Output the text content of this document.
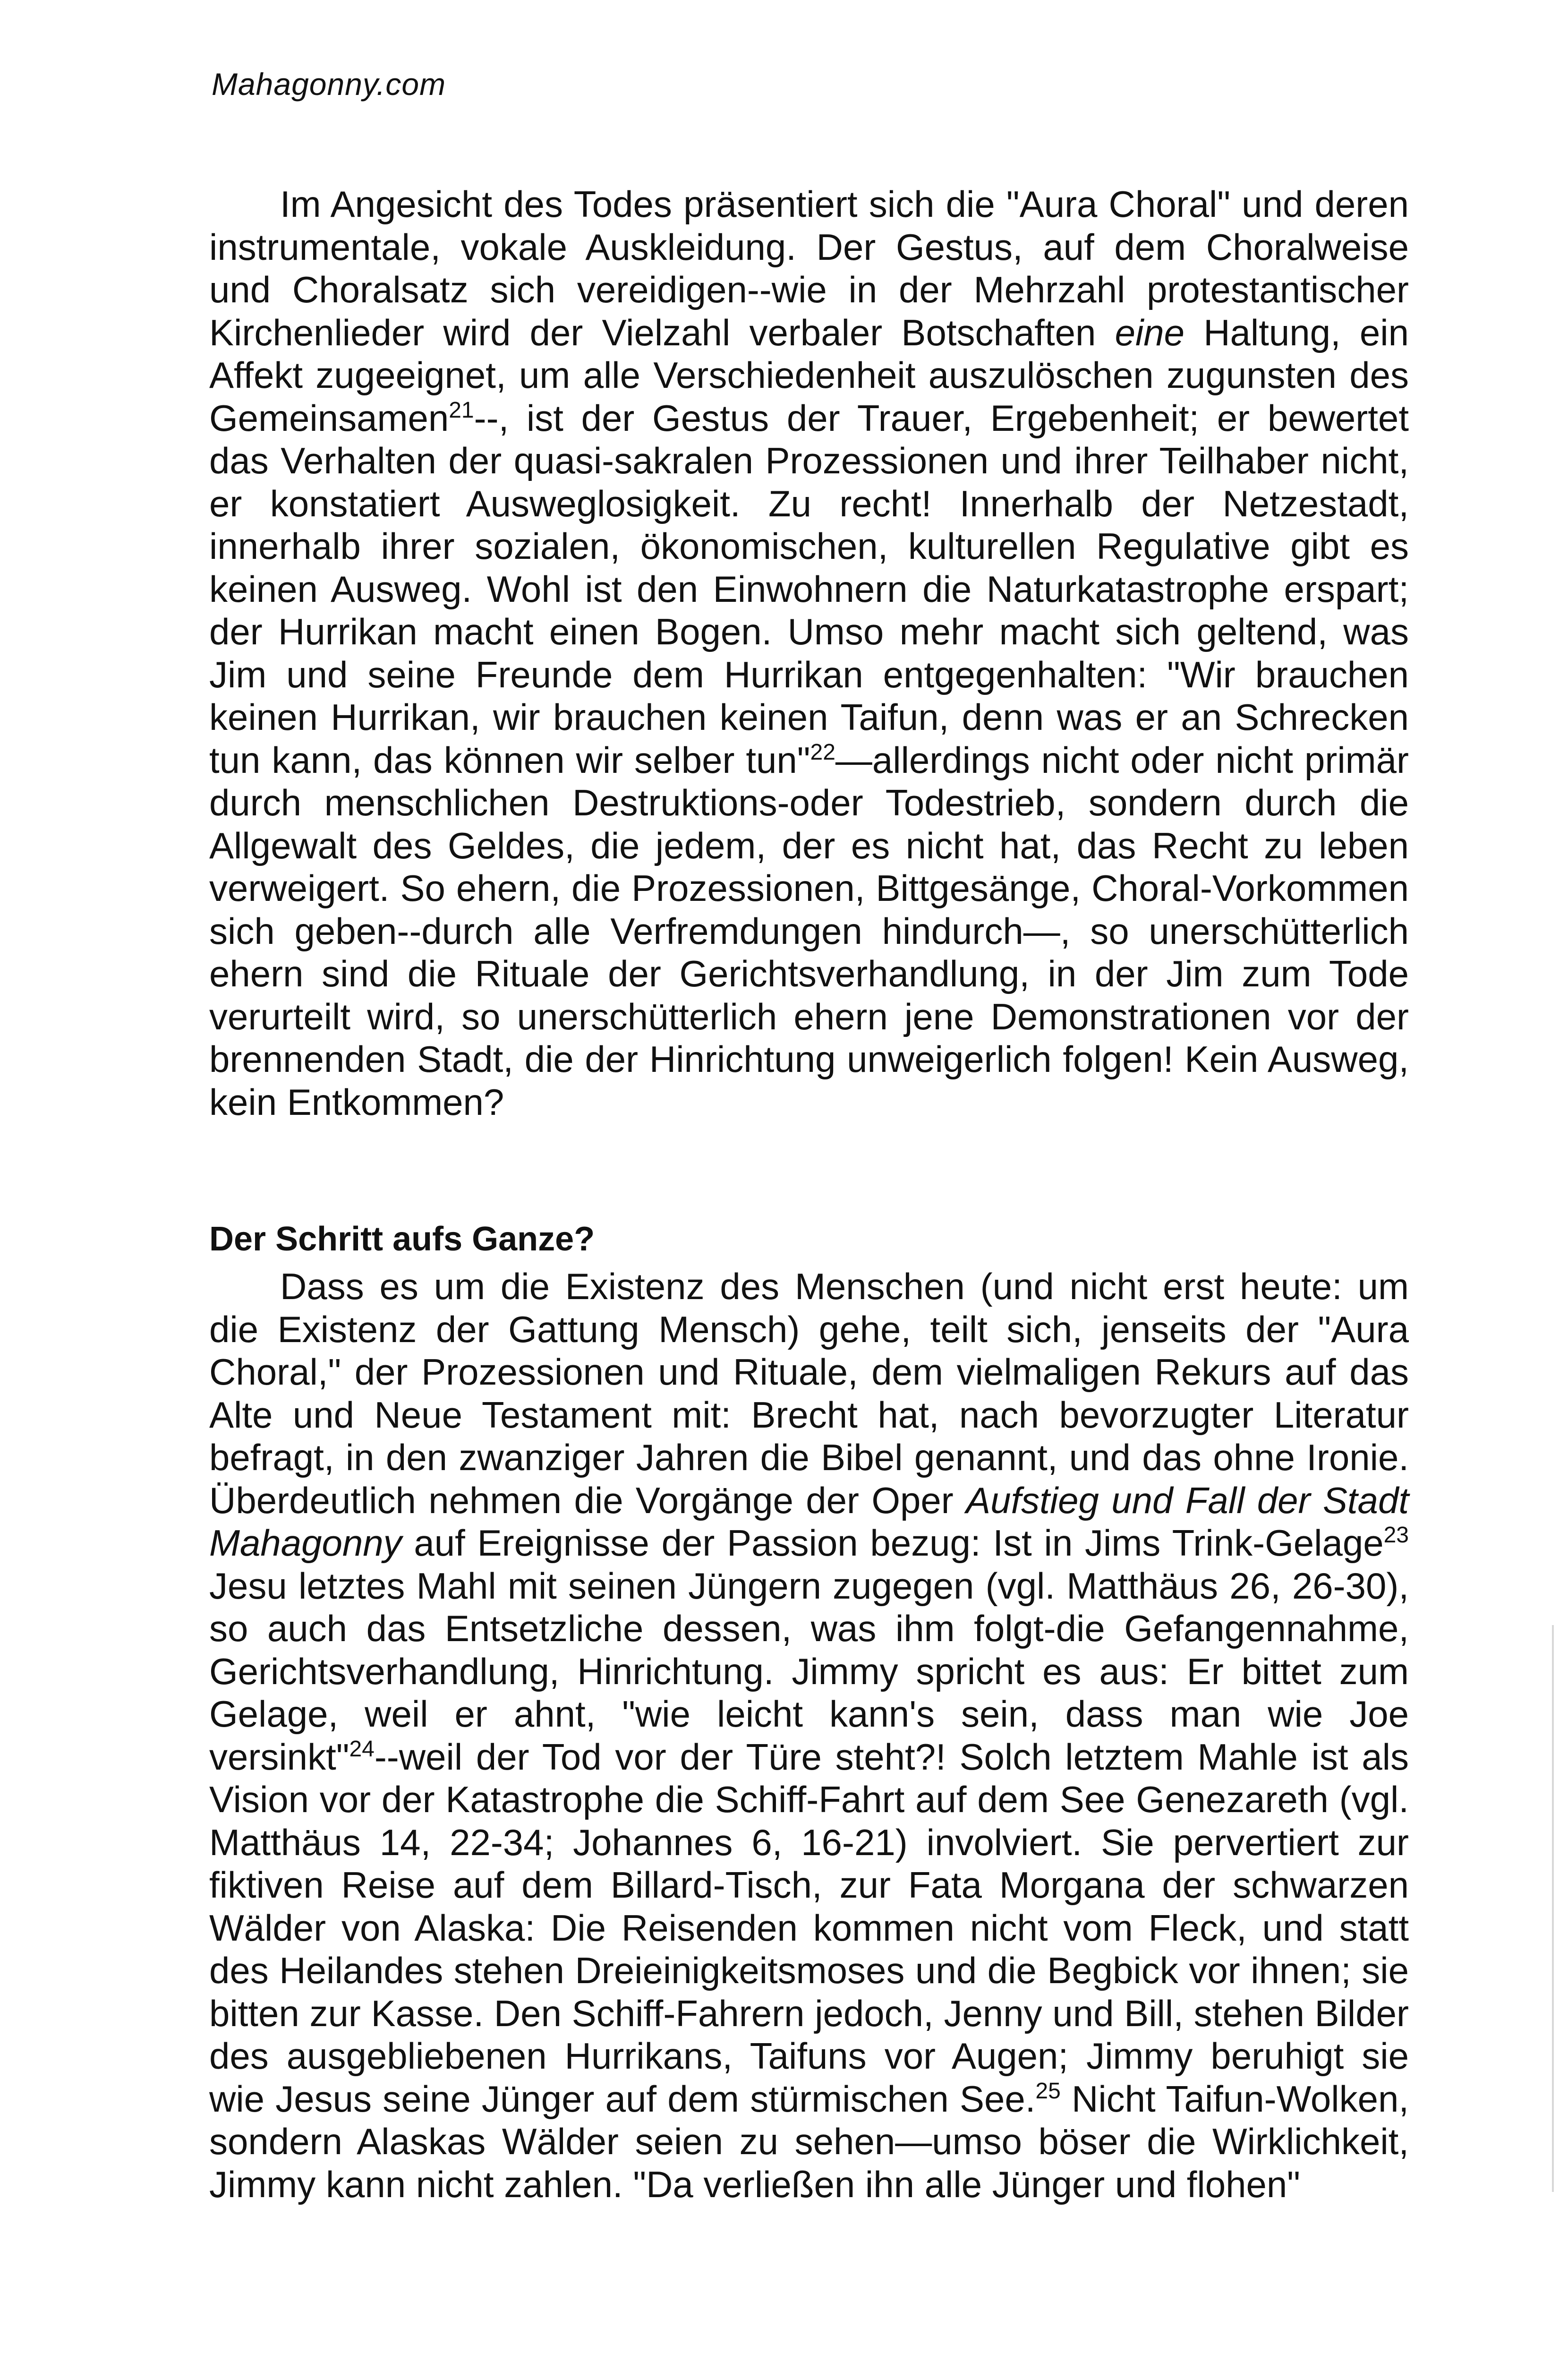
Mahagonny.com

Im Angesicht des Todes präsentiert sich die "Aura Choral" und deren instrumentale, vokale Auskleidung. Der Gestus, auf dem Choralweise und Choralsatz sich vereidigen--wie in der Mehrzahl protestantischer Kirchenlieder wird der Vielzahl verbaler Botschaften eine Haltung, ein Affekt zugeeignet, um alle Verschiedenheit auszulöschen zugunsten des Gemeinsamen$^{21}$--, ist der Gestus der Trauer, Ergebenheit; er bewertet das Verhalten der quasi-sakralen Prozessionen und ihrer Teilhaber nicht, er konstatiert Ausweglosigkeit. Zu recht! Innerhalb der Netzestadt, innerhalb ihrer sozialen, ökonomischen, kulturellen Regulative gibt es keinen Ausweg. Wohl ist den Einwohnern die Naturkatastrophe erspart; der Hurrikan macht einen Bogen. Umso mehr macht sich geltend, was Jim und seine Freunde dem Hurrikan entgegenhalten: "Wir brauchen keinen Hurrikan, wir brauchen keinen Taifun, denn was er an Schrecken tun kann, das können wir selber tun"$^{22}$—allerdings nicht oder nicht primär durch menschlichen Destruktions-oder Todestrieb, sondern durch die Allgewalt des Geldes, die jedem, der es nicht hat, das Recht zu leben verweigert. So ehern, die Prozessionen, Bittgesänge, Choral-Vorkommen sich geben--durch alle Verfremdungen hindurch—, so unerschütterlich ehern sind die Rituale der Gerichtsverhandlung, in der Jim zum Tode verurteilt wird, so unerschütterlich ehern jene Demonstrationen vor der brennenden Stadt, die der Hinrichtung unweigerlich folgen! Kein Ausweg, kein Entkommen?

Der Schritt aufs Ganze?

Dass es um die Existenz des Menschen (und nicht erst heute: um die Existenz der Gattung Mensch) gehe, teilt sich, jenseits der "Aura Choral," der Prozessionen und Rituale, dem vielmaligen Rekurs auf das Alte und Neue Testament mit: Brecht hat, nach bevorzugter Literatur befragt, in den zwanziger Jahren die Bibel genannt, und das ohne Ironie. Überdeutlich nehmen die Vorgänge der Oper Aufstieg und Fall der Stadt Mahagonny auf Ereignisse der Passion bezug: Ist in Jims Trink-Gelage$^{23}$ Jesu letztes Mahl mit seinen Jüngern zugegen (vgl. Matthäus 26, 26-30), so auch das Entsetzliche dessen, was ihm folgt-die Gefangennahme, Gerichtsverhandlung, Hinrichtung. Jimmy spricht es aus: Er bittet zum Gelage, weil er ahnt, "wie leicht kann's sein, dass man wie Joe versinkt"$^{24}$--weil der Tod vor der Türe steht?! Solch letztem Mahle ist als Vision vor der Katastrophe die Schiff-Fahrt auf dem See Genezareth (vgl. Matthäus 14, 22-34; Johannes 6, 16-21) involviert. Sie pervertiert zur fiktiven Reise auf dem Billard-Tisch, zur Fata Morgana der schwarzen Wälder von Alaska: Die Reisenden kommen nicht vom Fleck, und statt des Heilandes stehen Dreieinigkeitsmoses und die Begbick vor ihnen; sie bitten zur Kasse. Den Schiff-Fahrern jedoch, Jenny und Bill, stehen Bilder des ausgebliebenen Hurrikans, Taifuns vor Augen; Jimmy beruhigt sie wie Jesus seine Jünger auf dem stürmischen See.$^{25}$ Nicht Taifun-Wolken, sondern Alaskas Wälder seien zu sehen—umso böser die Wirklichkeit, Jimmy kann nicht zahlen. "Da verließen ihn alle Jünger und flohen"
